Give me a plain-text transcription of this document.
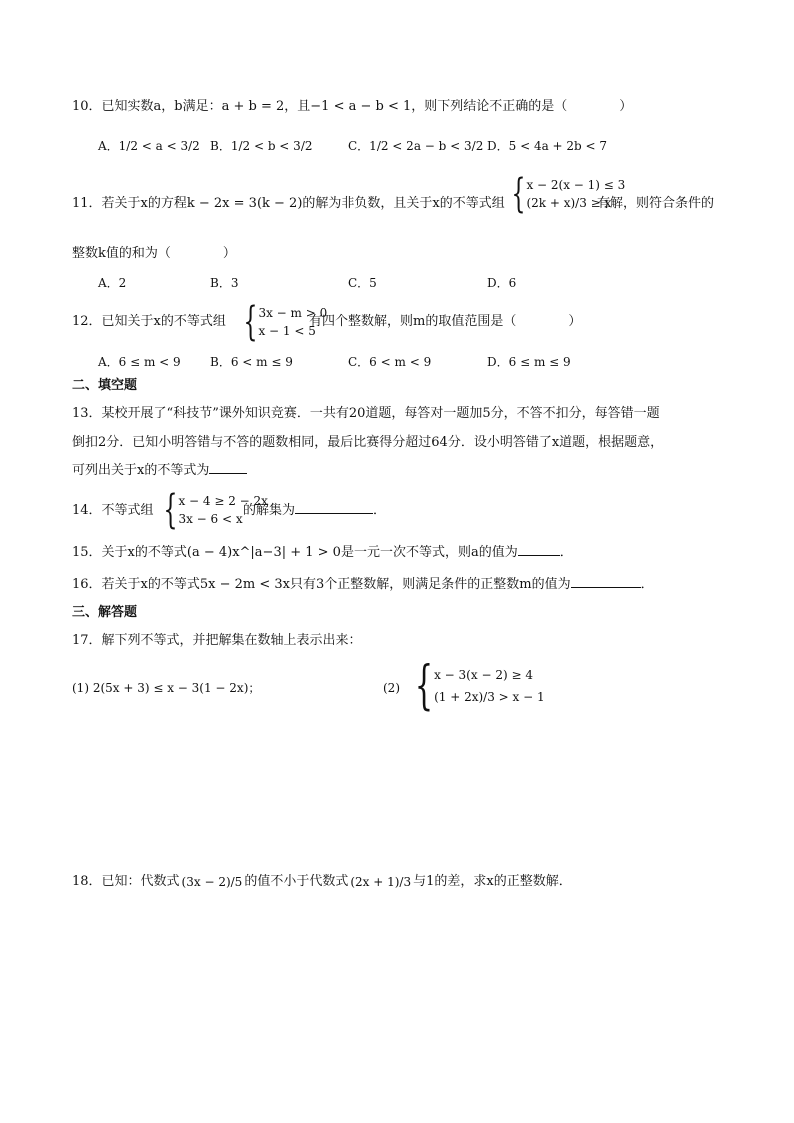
10．已知实数a，b满足：a + b = 2，且−1 < a − b < 1，则下列结论不正确的是（　　　　）
A．1/2 < a < 3/2 B．1/2 < b < 3/2	C．1/2 < 2a − b < 3/2 D．5 < 4a + 2b < 7
11．若关于x的方程k − 2x = 3(k − 2)的解为非负数，且关于x的不等式组 { x − 2(x − 1) ≤ 3
(2k + x)/3 ≥ x
有解，则符合条件的
整数k值的和为（　　　　）
A．2	B．3	C．5	D．6
12．已知关于x的不等式组 { 3x − m > 0
x − 1 < 5
有四个整数解，则m的取值范围是（　　　　）
A．6 ≤ m < 9 B．6 < m ≤ 9	C．6 < m < 9	D．6 ≤ m ≤ 9
二、填空题
13．某校开展了“科技节”课外知识竞赛．一共有20道题，每答对一题加5分，不答不扣分，每答错一题
倒扣2分．已知小明答错与不答的题数相同，最后比赛得分超过64分．设小明答错了x道题，根据题意，
可列出关于x的不等式为
14．不等式组 { x − 4 ≥ 2 − 2x
3x − 6 < x
的解集为	．
15．关于x的不等式(a − 4)x^|a−3| + 1 > 0是一元一次不等式，则a的值为	．
16．若关于x的不等式5x − 2m < 3x只有3个正整数解，则满足条件的正整数m的值为	．
三、解答题
17．解下列不等式，并把解集在数轴上表示出来：
(1) 2(5x + 3) ≤ x − 3(1 − 2x)；	(2) { x − 3(x − 2) ≥ 4
(1 + 2x)/3 > x − 1
18．已知：代数式 (3x − 2)/5 的值不小于代数式 (2x + 1)/3 与1的差，求x的正整数解．
